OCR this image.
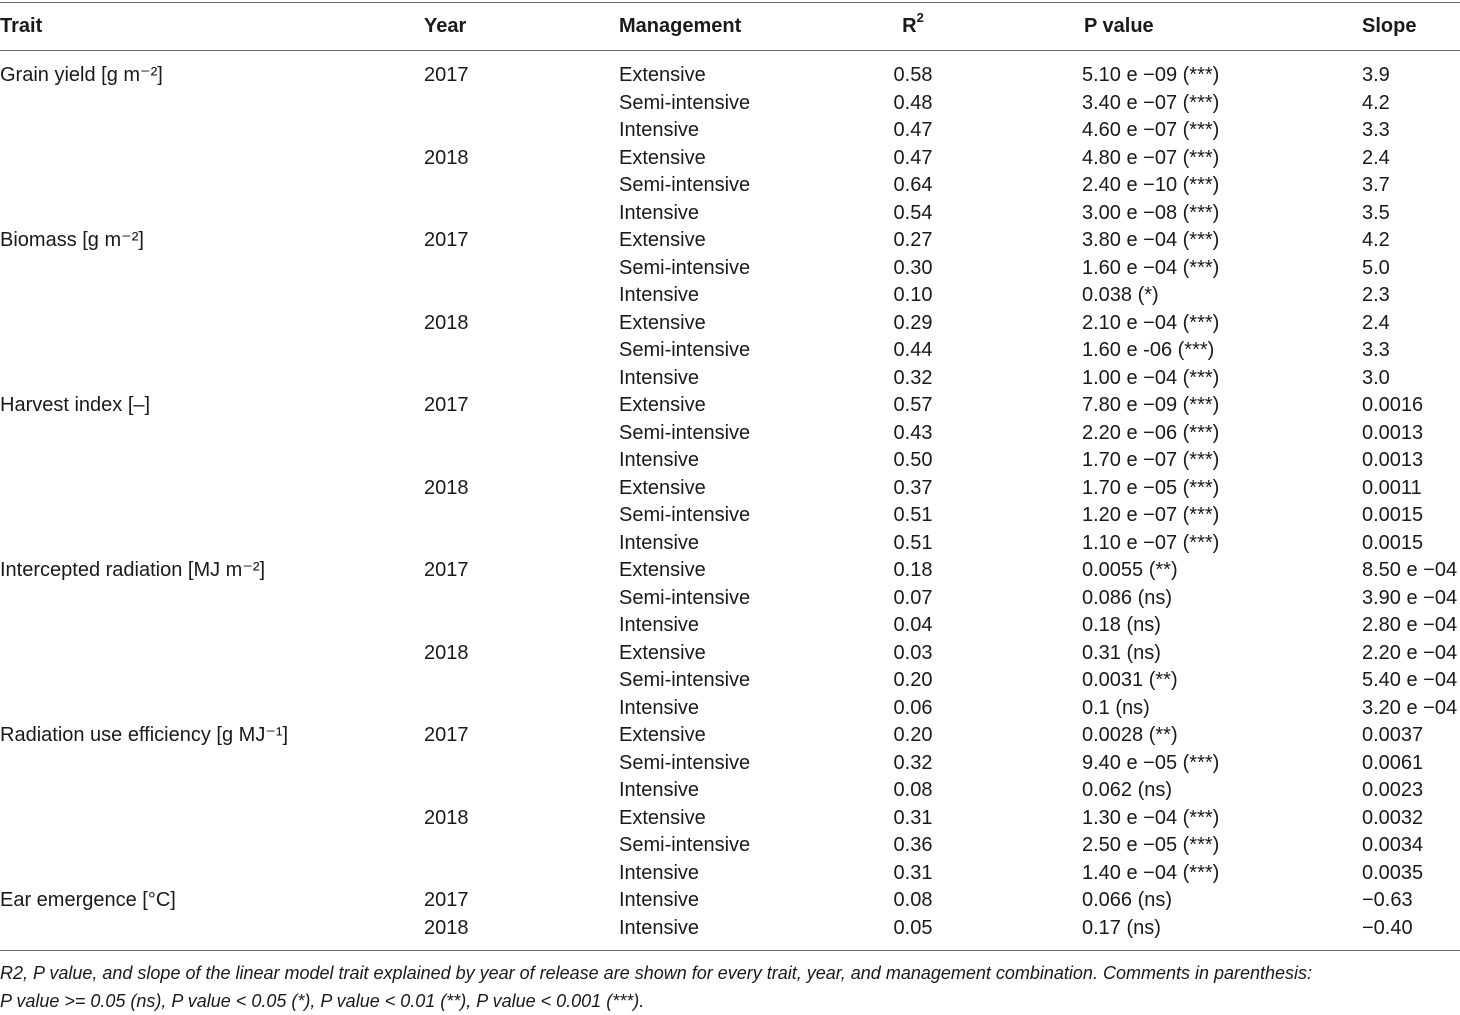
Trait	Year	Management	$R^2$	P value	Slope
Grain yield [g m⁻²]	2017	Extensive	0.58	5.10 e −09 (***)	3.9
Semi-intensive	0.48	3.40 e −07 (***)	4.2
Intensive	0.47	4.60 e −07 (***)	3.3
2018	Extensive	0.47	4.80 e −07 (***)	2.4
Semi-intensive	0.64	2.40 e −10 (***)	3.7
Intensive	0.54	3.00 e −08 (***)	3.5
Biomass [g m⁻²]	2017	Extensive	0.27	3.80 e −04 (***)	4.2
Semi-intensive	0.30	1.60 e −04 (***)	5.0
Intensive	0.10	0.038 (*)	2.3
2018	Extensive	0.29	2.10 e −04 (***)	2.4
Semi-intensive	0.44	1.60 e -06 (***)	3.3
Intensive	0.32	1.00 e −04 (***)	3.0
Harvest index [–]	2017	Extensive	0.57	7.80 e −09 (***)	0.0016
Semi-intensive	0.43	2.20 e −06 (***)	0.0013
Intensive	0.50	1.70 e −07 (***)	0.0013
2018	Extensive	0.37	1.70 e −05 (***)	0.0011
Semi-intensive	0.51	1.20 e −07 (***)	0.0015
Intensive	0.51	1.10 e −07 (***)	0.0015
Intercepted radiation [MJ m⁻²]	2017	Extensive	0.18	0.0055 (**)	8.50 e −04
Semi-intensive	0.07	0.086 (ns)	3.90 e −04
Intensive	0.04	0.18 (ns)	2.80 e −04
2018	Extensive	0.03	0.31 (ns)	2.20 e −04
Semi-intensive	0.20	0.0031 (**)	5.40 e −04
Intensive	0.06	0.1 (ns)	3.20 e −04
Radiation use efficiency [g MJ⁻¹]	2017	Extensive	0.20	0.0028 (**)	0.0037
Semi-intensive	0.32	9.40 e −05 (***)	0.0061
Intensive	0.08	0.062 (ns)	0.0023
2018	Extensive	0.31	1.30 e −04 (***)	0.0032
Semi-intensive	0.36	2.50 e −05 (***)	0.0034
Intensive	0.31	1.40 e −04 (***)	0.0035
Ear emergence [°C]	2017	Intensive	0.08	0.066 (ns)	−0.63
2018	Intensive	0.05	0.17 (ns)	−0.40
R2, P value, and slope of the linear model trait explained by year of release are shown for every trait, year, and management combination. Comments in parenthesis:
P value >= 0.05 (ns), P value < 0.05 (*), P value < 0.01 (**), P value < 0.001 (***).
